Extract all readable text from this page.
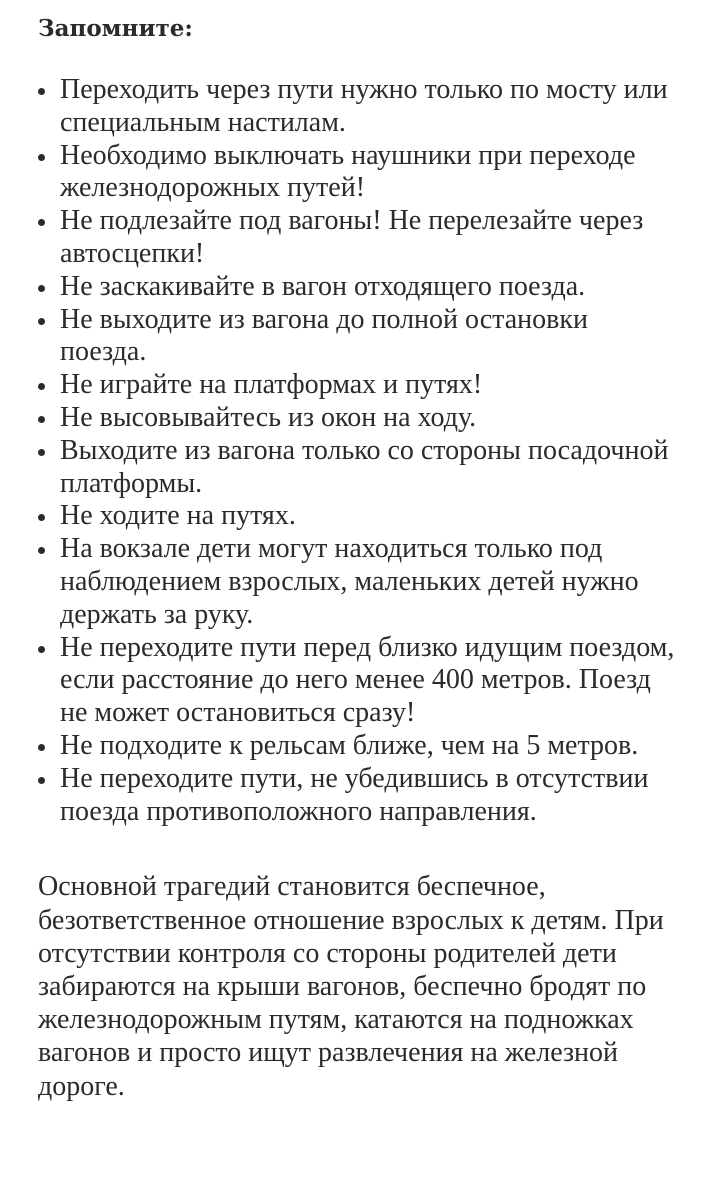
Запомните:
Переходить через пути нужно только по мосту или специальным настилам.
Необходимо выключать наушники при переходе железнодорожных путей!
Не подлезайте под вагоны! Не перелезайте через автосцепки!
Не заскакивайте в вагон отходящего поезда.
Не выходите из вагона до полной остановки поезда.
Не играйте на платформах и путях!
Не высовывайтесь из окон на ходу.
Выходите из вагона только со стороны посадочной платформы.
Не ходите на путях.
На вокзале дети могут находиться только под наблюдением взрослых, маленьких детей нужно держать за руку.
Не переходите пути перед близко идущим поездом, если расстояние до него менее 400 метров. Поезд не может остановиться сразу!
Не подходите к рельсам ближе, чем на 5 метров.
Не переходите пути, не убедившись в отсутствии поезда противоположного направления.

Основной трагедий становится беспечное, безответственное отношение взрослых к детям. При отсутствии контроля со стороны родителей дети забираются на крыши вагонов, беспечно бродят по железнодорожным путям, катаются на подножках вагонов и просто ищут развлечения на железной дороге.
